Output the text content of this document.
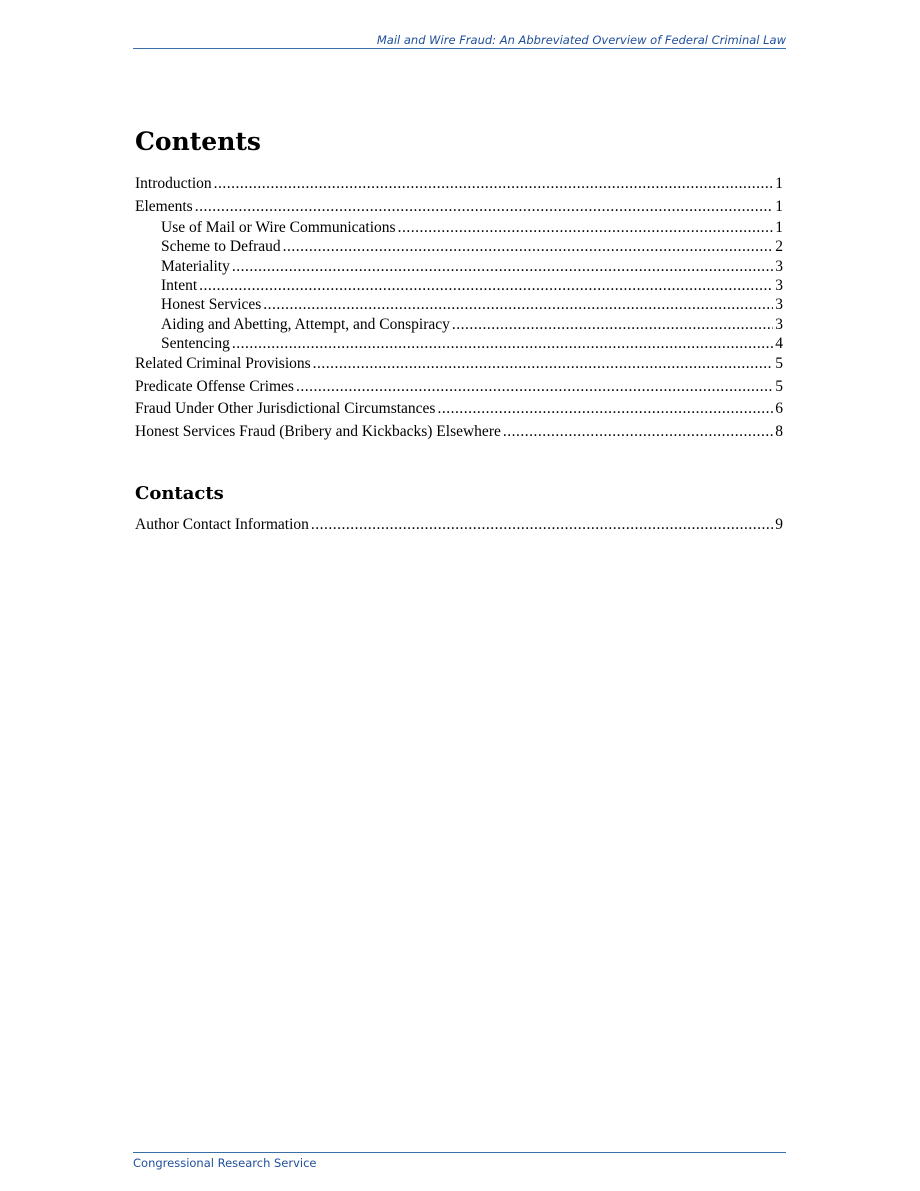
Mail and Wire Fraud: An Abbreviated Overview of Federal Criminal Law
Contents
Introduction .....	1
Elements .....	1
Use of Mail or Wire Communications .....	1
Scheme to Defraud .....	2
Materiality .....	3
Intent .....	3
Honest Services .....	3
Aiding and Abetting, Attempt, and Conspiracy .....	3
Sentencing .....	4
Related Criminal Provisions .....	5
Predicate Offense Crimes .....	5
Fraud Under Other Jurisdictional Circumstances .....	6
Honest Services Fraud (Bribery and Kickbacks) Elsewhere .....	8
Contacts
Author Contact Information .....	9
Congressional Research Service
